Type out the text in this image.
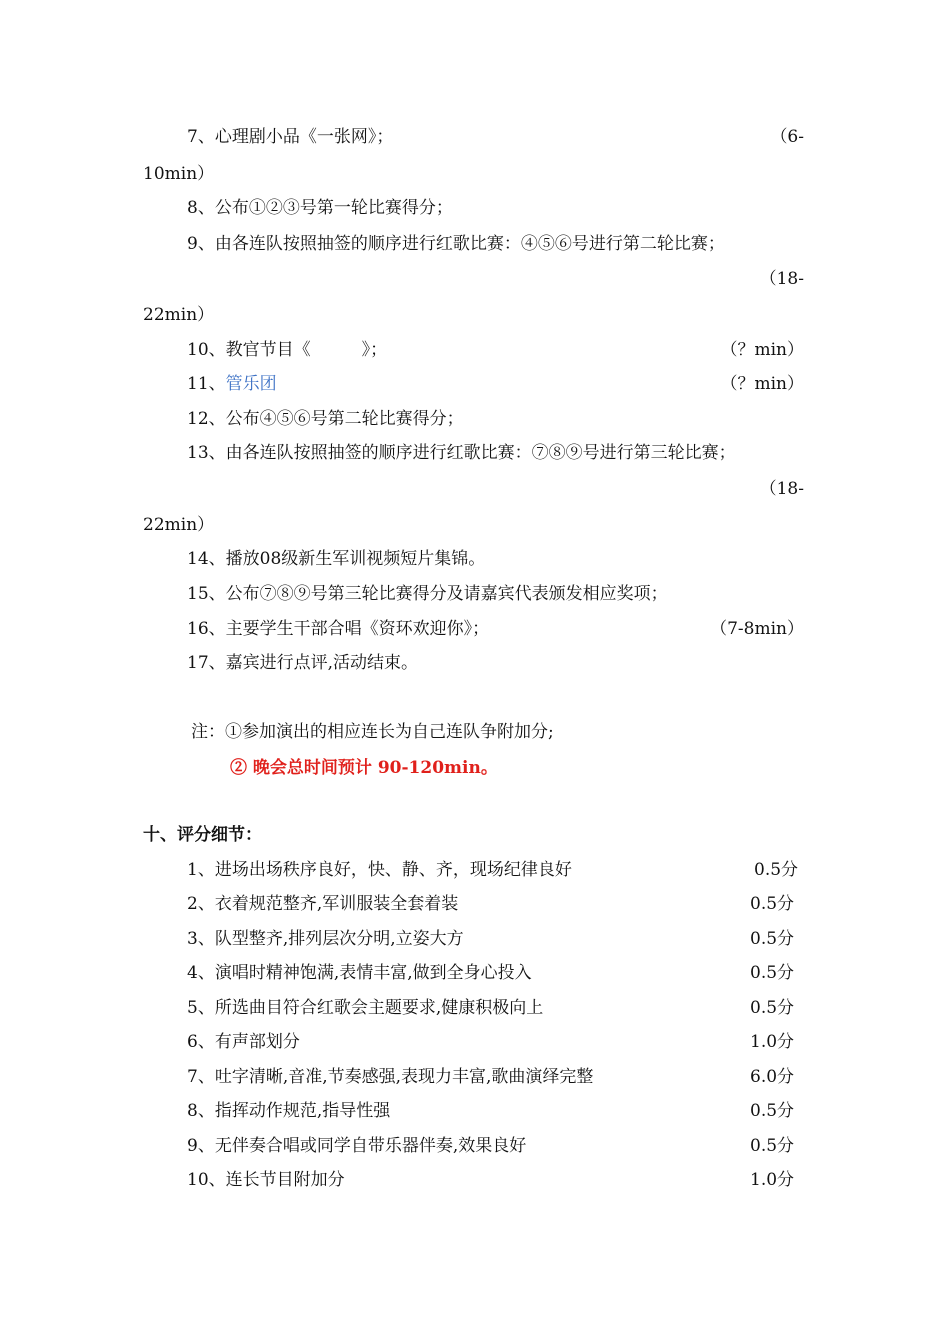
7、心理剧小品《一张网》；	（6-
10min）
8、公布①②③号第一轮比赛得分；
9、由各连队按照抽签的顺序进行红歌比赛：④⑤⑥号进行第二轮比赛；
（18-
22min）
10、教官节目《　　　》；	（？min）
11、管乐团	（？min）
12、公布④⑤⑥号第二轮比赛得分；
13、由各连队按照抽签的顺序进行红歌比赛：⑦⑧⑨号进行第三轮比赛；
（18-
22min）
14、播放08级新生军训视频短片集锦。
15、公布⑦⑧⑨号第三轮比赛得分及请嘉宾代表颁发相应奖项；
16、主要学生干部合唱《资环欢迎你》；	（7-8min）
17、嘉宾进行点评,活动结束。
注：①参加演出的相应连长为自己连队争附加分;
② 晚会总时间预计 90-120min。
十、评分细节：
1、进场出场秩序良好，快、静、齐，现场纪律良好	0.5分
2、衣着规范整齐,军训服装全套着装	0.5分
3、队型整齐,排列层次分明,立姿大方	0.5分
4、演唱时精神饱满,表情丰富,做到全身心投入	0.5分
5、所选曲目符合红歌会主题要求,健康积极向上	0.5分
6、有声部划分	1.0分
7、吐字清晰,音准,节奏感强,表现力丰富,歌曲演绎完整	6.0分
8、指挥动作规范,指导性强	0.5分
9、无伴奏合唱或同学自带乐器伴奏,效果良好	0.5分
10、连长节目附加分	1.0分
